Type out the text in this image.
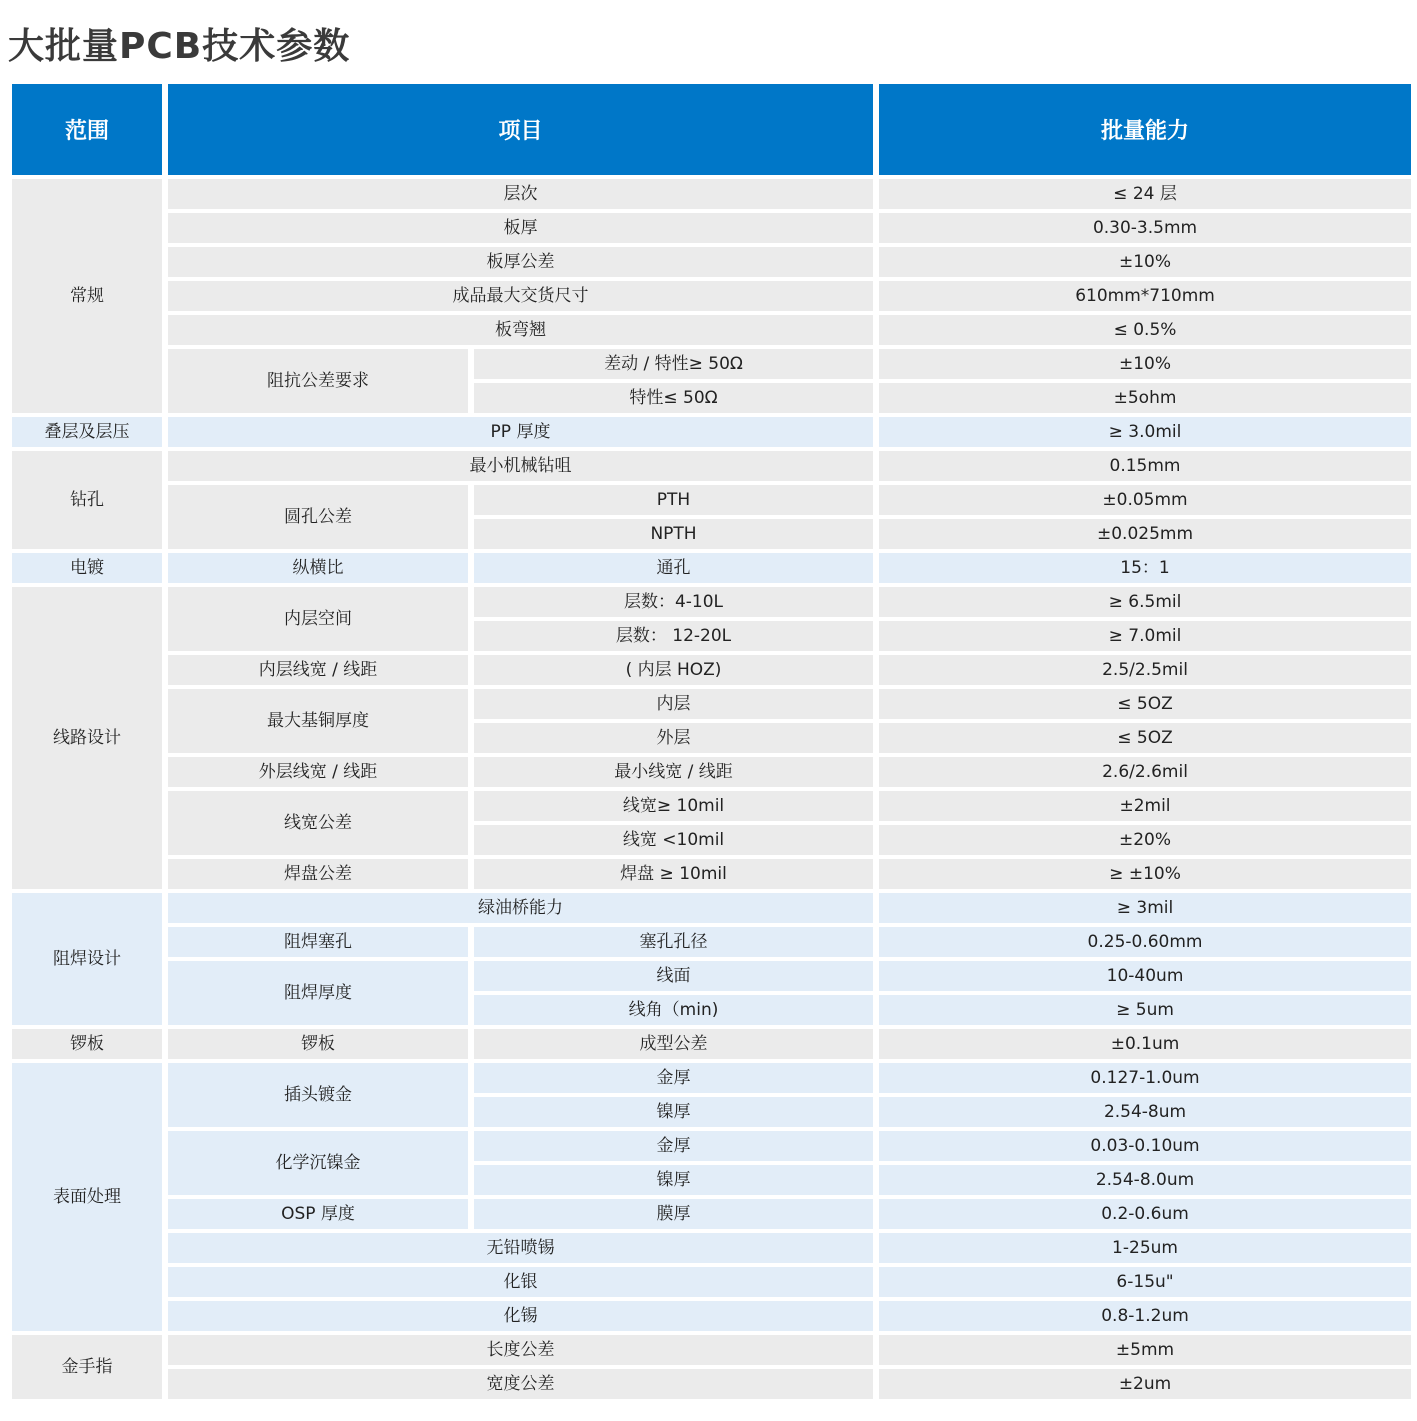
大批量PCB技术参数
范围	项目		批量能力
常规	层次		≤ 24 层
	板厚		0.30-3.5mm
	板厚公差		±10%
	成品最大交货尺寸		610mm*710mm
	板弯翘		≤ 0.5%
	阻抗公差要求	差动 / 特性≥ 50Ω	±10%
		特性≤ 50Ω	±5ohm
叠层及层压	PP 厚度		≥ 3.0mil
钻孔	最小机械钻咀		0.15mm
	圆孔公差	PTH	±0.05mm
		NPTH	±0.025mm
电镀	纵横比	通孔	15：1
线路设计	内层空间	层数：4-10L	≥ 6.5mil
		层数： 12-20L	≥ 7.0mil
	内层线宽 / 线距	( 内层 HOZ)	2.5/2.5mil
	最大基铜厚度	内层	≤ 5OZ
		外层	≤ 5OZ
	外层线宽 / 线距	最小线宽 / 线距	2.6/2.6mil
	线宽公差	线宽≥ 10mil	±2mil
		线宽 <10mil	±20%
	焊盘公差	焊盘 ≥ 10mil	≥ ±10%
阻焊设计	绿油桥能力		≥ 3mil
	阻焊塞孔	塞孔孔径	0.25-0.60mm
	阻焊厚度	线面	10-40um
		线角（min)	≥ 5um
锣板	锣板	成型公差	±0.1um
表面处理	插头镀金	金厚	0.127-1.0um
		镍厚	2.54-8um
	化学沉镍金	金厚	0.03-0.10um
		镍厚	2.54-8.0um
	OSP 厚度	膜厚	0.2-0.6um
	无铅喷锡		1-25um
	化银		6-15u"
	化锡		0.8-1.2um
金手指	长度公差		±5mm
	宽度公差		±2um
